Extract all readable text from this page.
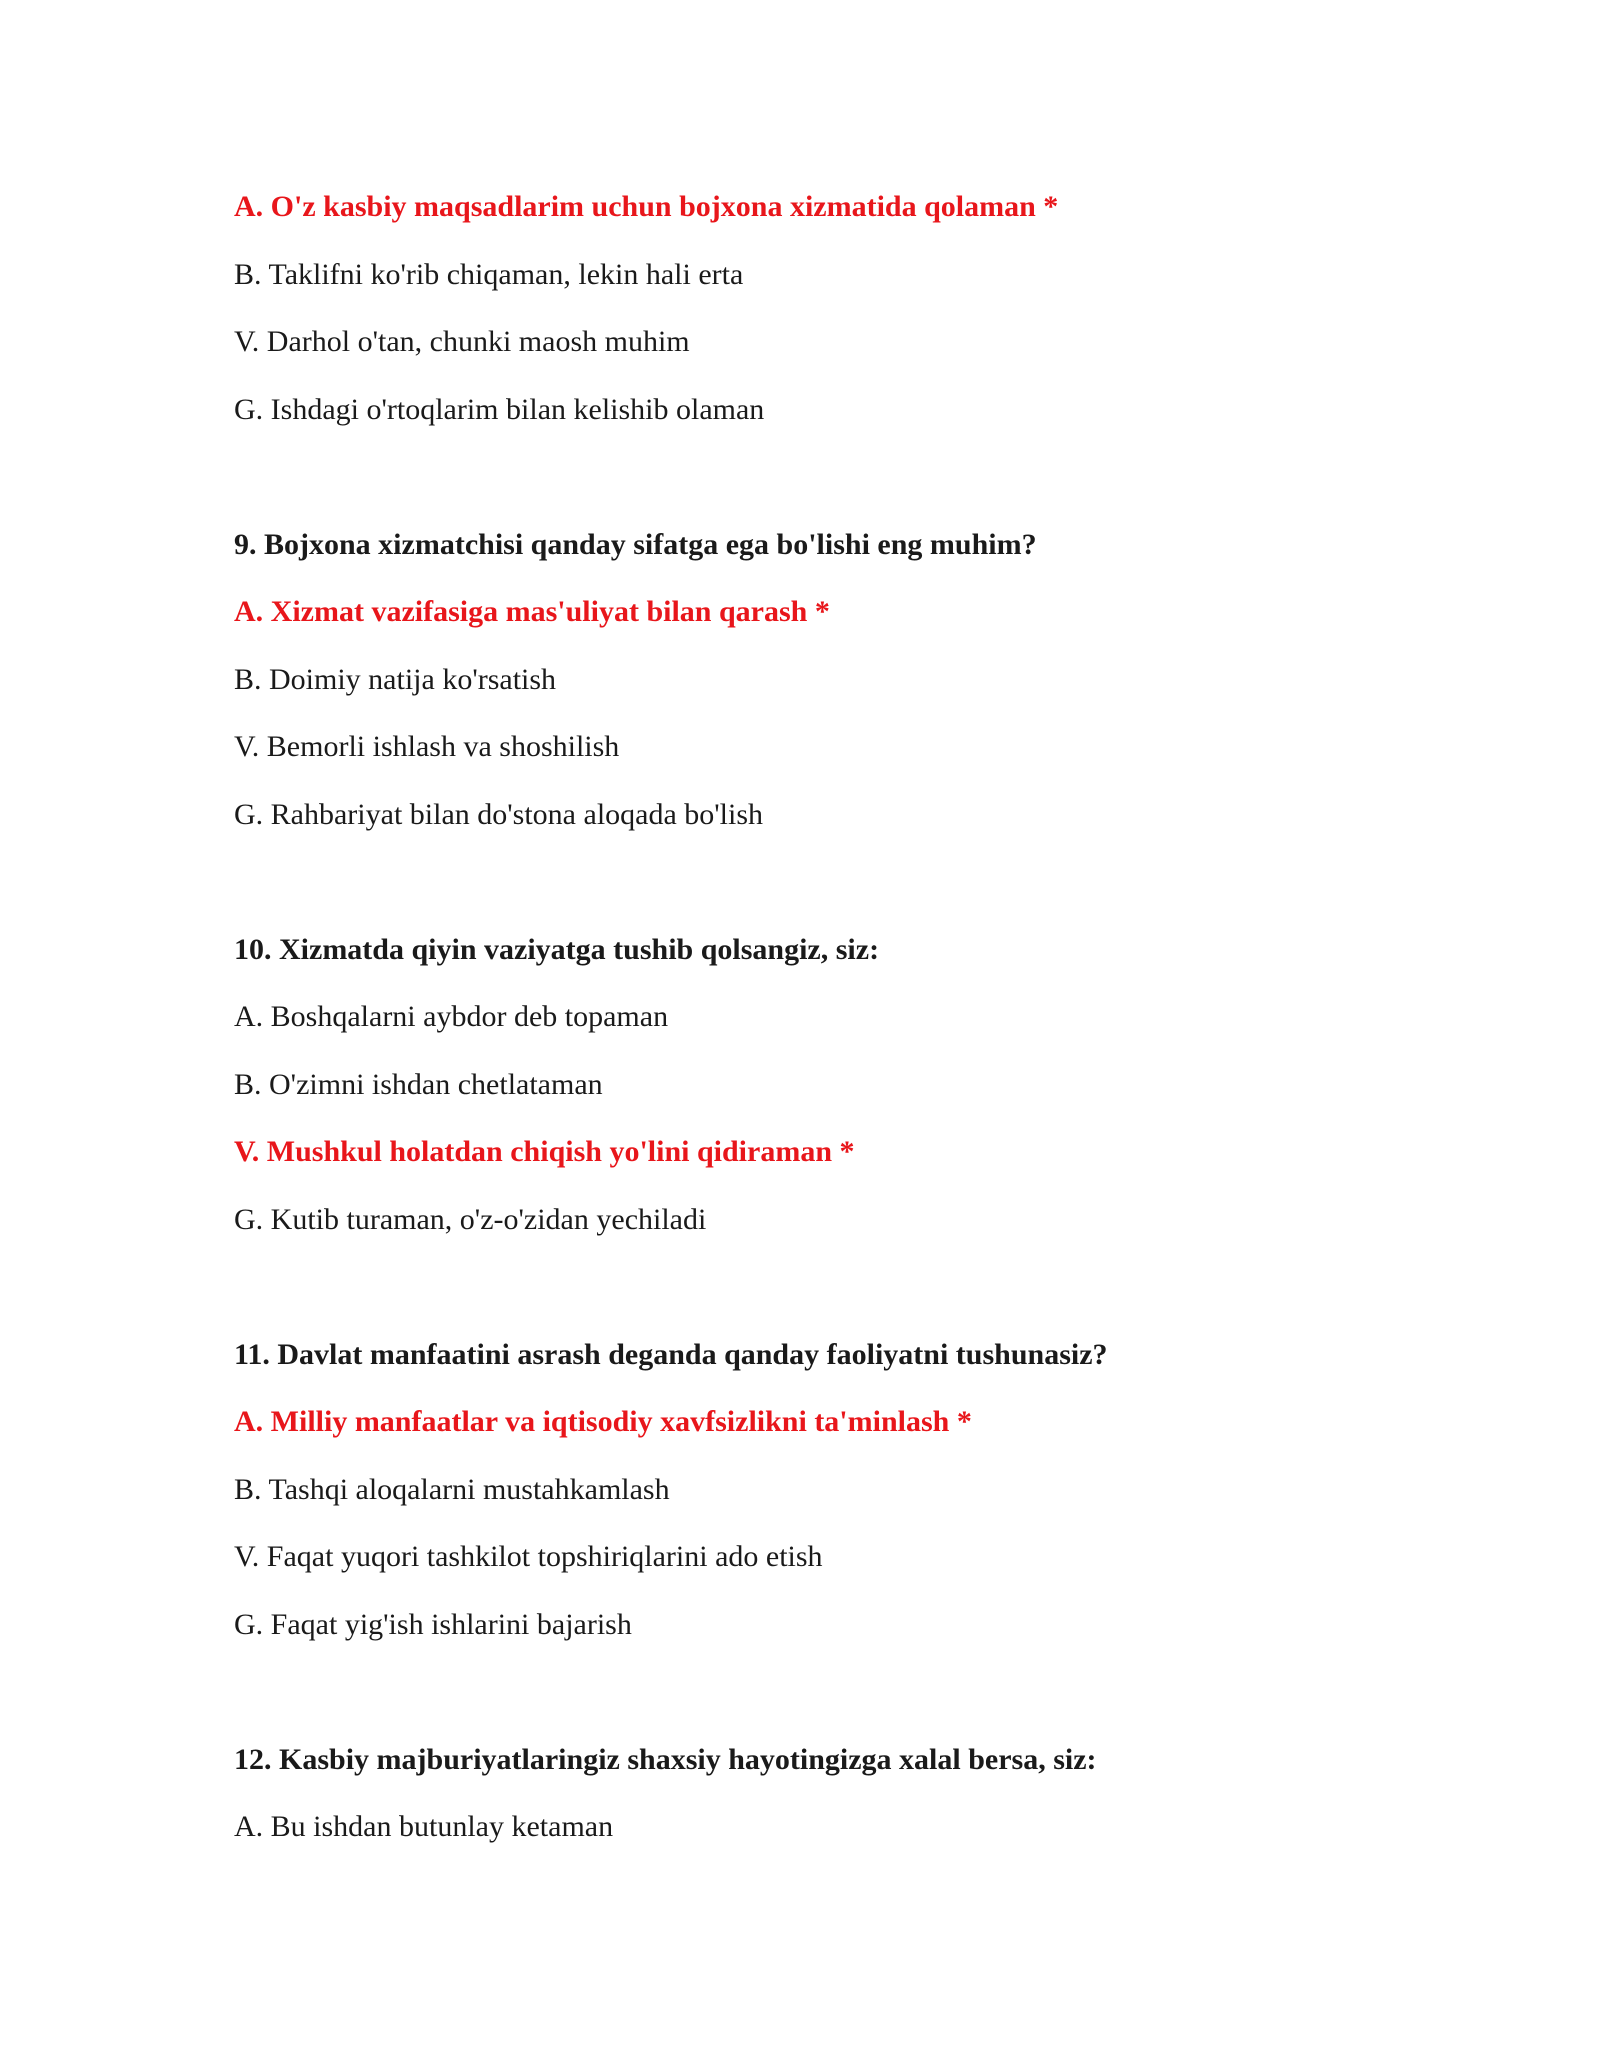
A. O'z kasbiy maqsadlarim uchun bojxona xizmatida qolaman *
B. Taklifni ko'rib chiqaman, lekin hali erta
V. Darhol o'tan, chunki maosh muhim
G. Ishdagi o'rtoqlarim bilan kelishib olaman
9. Bojxona xizmatchisi qanday sifatga ega bo'lishi eng muhim?
A. Xizmat vazifasiga mas'uliyat bilan qarash *
B. Doimiy natija ko'rsatish
V. Bemorli ishlash va shoshilish
G. Rahbariyat bilan do'stona aloqada bo'lish
10. Xizmatda qiyin vaziyatga tushib qolsangiz, siz:
A. Boshqalarni aybdor deb topaman
B. O'zimni ishdan chetlataman
V. Mushkul holatdan chiqish yo'lini qidiraman *
G. Kutib turaman, o'z-o'zidan yechiladi
11. Davlat manfaatini asrash deganda qanday faoliyatni tushunasiz?
A. Milliy manfaatlar va iqtisodiy xavfsizlikni ta'minlash *
B. Tashqi aloqalarni mustahkamlash
V. Faqat yuqori tashkilot topshiriqlarini ado etish
G. Faqat yig'ish ishlarini bajarish
12. Kasbiy majburiyatlaringiz shaxsiy hayotingizga xalal bersa, siz:
A. Bu ishdan butunlay ketaman
